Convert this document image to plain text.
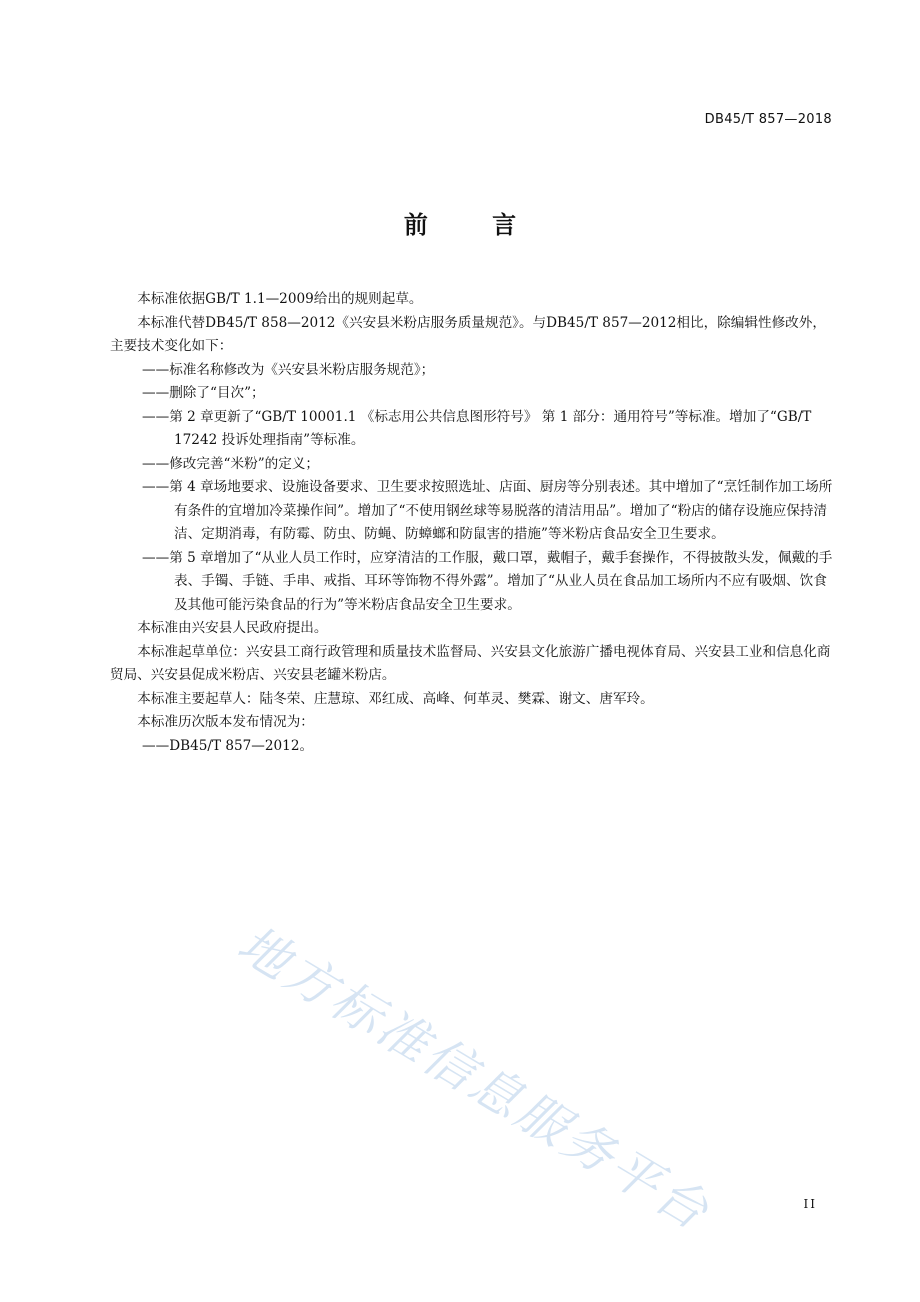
DB45/T 857—2018
前 言

本标准依据GB/T 1.1—2009给出的规则起草。

本标准代替DB45/T 858—2012《兴安县米粉店服务质量规范》。与DB45/T 857—2012相比，除编辑性修改外，主要技术变化如下：

——标准名称修改为《兴安县米粉店服务规范》；

——删除了“目次”；

——第 2 章更新了“GB/T 10001.1 《标志用公共信息图形符号》 第 1 部分：通用符号”等标准。增加了“GB/T 17242 投诉处理指南”等标准。

——修改完善“米粉”的定义；

——第 4 章场地要求、设施设备要求、卫生要求按照选址、店面、厨房等分别表述。其中增加了“烹饪制作加工场所有条件的宜增加冷菜操作间”。增加了“不使用钢丝球等易脱落的清洁用品”。增加了“粉店的储存设施应保持清洁、定期消毒，有防霉、防虫、防蝇、防蟑螂和防鼠害的措施”等米粉店食品安全卫生要求。

——第 5 章增加了“从业人员工作时，应穿清洁的工作服，戴口罩，戴帽子，戴手套操作，不得披散头发，佩戴的手表、手镯、手链、手串、戒指、耳环等饰物不得外露”。增加了“从业人员在食品加工场所内不应有吸烟、饮食及其他可能污染食品的行为”等米粉店食品安全卫生要求。

本标准由兴安县人民政府提出。

本标准起草单位：兴安县工商行政管理和质量技术监督局、兴安县文化旅游广播电视体育局、兴安县工业和信息化商贸局、兴安县促成米粉店、兴安县老罐米粉店。

本标准主要起草人：陆冬荣、庄慧琼、邓红成、高峰、何革灵、樊霖、谢文、唐军玲。

本标准历次版本发布情况为：

——DB45/T 857—2012。

地方标准信息服务平台	II
